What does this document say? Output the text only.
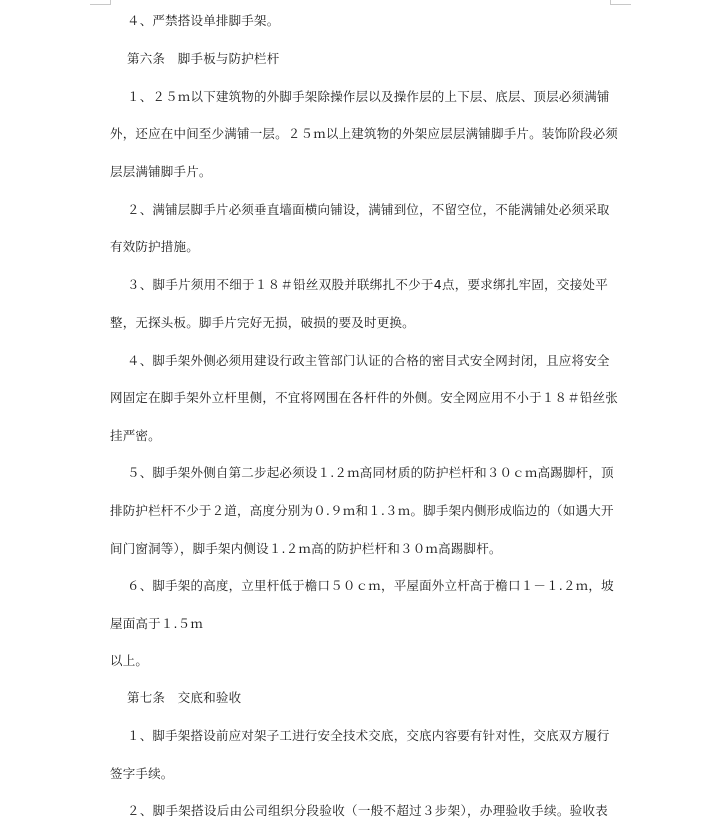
４、严禁搭设单排脚手架。
第六条　脚手板与防护栏杆
１、２５ｍ以下建筑物的外脚手架除操作层以及操作层的上下层、底层、顶层必须满铺
外，还应在中间至少满铺一层。２５ｍ以上建筑物的外架应层层满铺脚手片。装饰阶段必须
层层满铺脚手片。
２、满铺层脚手片必须垂直墙面横向铺设，满铺到位，不留空位，不能满铺处必须采取
有效防护措施。
３、脚手片须用不细于１８＃铅丝双股并联绑扎不少于4点，要求绑扎牢固，交接处平
整，无探头板。脚手片完好无损，破损的要及时更换。
４、脚手架外侧必须用建设行政主管部门认证的合格的密目式安全网封闭，且应将安全
网固定在脚手架外立杆里侧，不宜将网围在各杆件的外侧。安全网应用不小于１８＃铅丝张
挂严密。
５、脚手架外侧自第二步起必须设１.２ｍ高同材质的防护栏杆和３０ｃｍ高踢脚杆，顶
排防护栏杆不少于２道，高度分别为０.９ｍ和１.３ｍ。脚手架内侧形成临边的（如遇大开
间门窗洞等），脚手架内侧设１.２ｍ高的防护栏杆和３０ｍ高踢脚杆。
６、脚手架的高度，立里杆低于檐口５０ｃｍ，平屋面外立杆高于檐口１－１.２ｍ，坡
屋面高于１.５ｍ
以上。
第七条　交底和验收
１、脚手架搭设前应对架子工进行安全技术交底，交底内容要有针对性，交底双方履行
签字手续。
２、脚手架搭设后由公司组织分段验收（一般不超过３步架），办理验收手续。验收表
